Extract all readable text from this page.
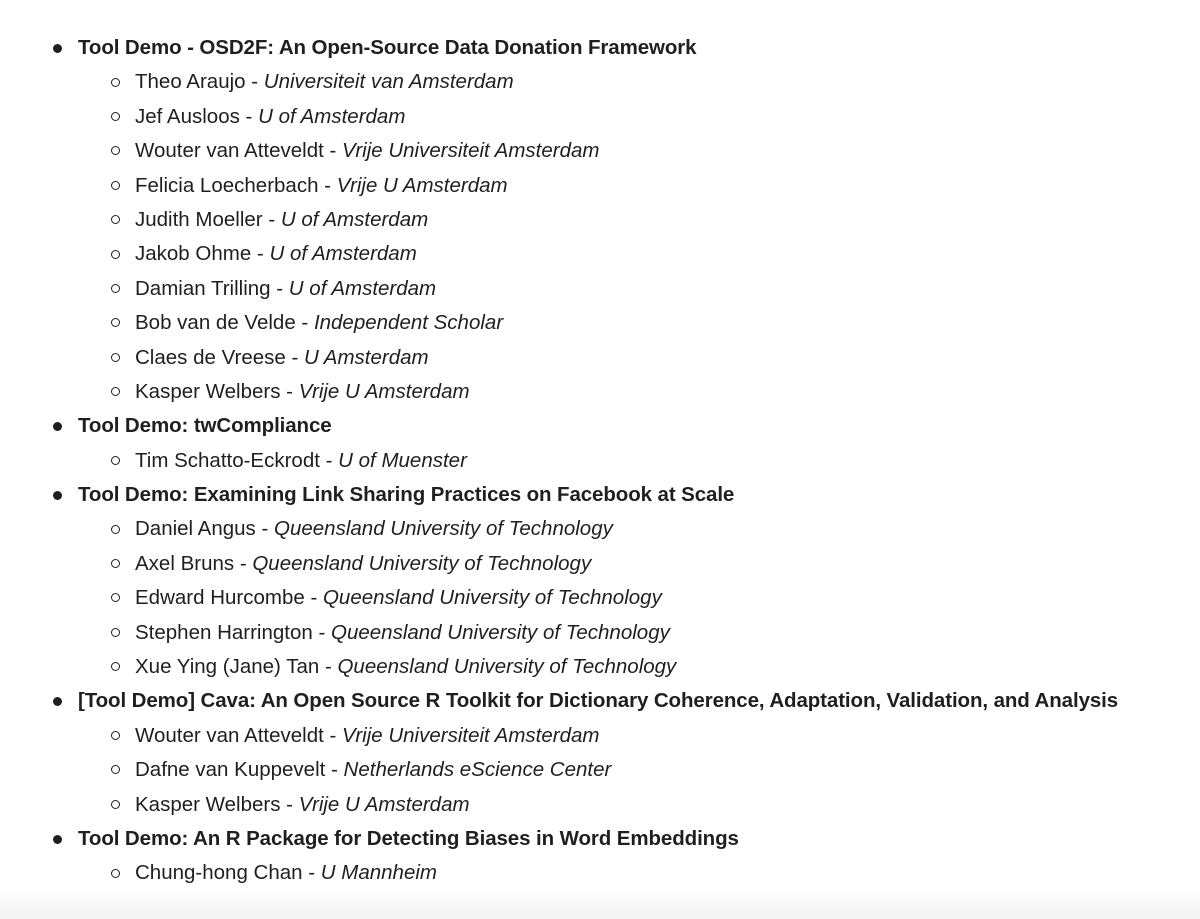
Tool Demo - OSD2F: An Open-Source Data Donation Framework
Theo Araujo - Universiteit van Amsterdam
Jef Ausloos - U of Amsterdam
Wouter van Atteveldt - Vrije Universiteit Amsterdam
Felicia Loecherbach - Vrije U Amsterdam
Judith Moeller - U of Amsterdam
Jakob Ohme - U of Amsterdam
Damian Trilling - U of Amsterdam
Bob van de Velde - Independent Scholar
Claes de Vreese - U Amsterdam
Kasper Welbers - Vrije U Amsterdam
Tool Demo: twCompliance
Tim Schatto-Eckrodt - U of Muenster
Tool Demo: Examining Link Sharing Practices on Facebook at Scale
Daniel Angus - Queensland University of Technology
Axel Bruns - Queensland University of Technology
Edward Hurcombe - Queensland University of Technology
Stephen Harrington - Queensland University of Technology
Xue Ying (Jane) Tan - Queensland University of Technology
[Tool Demo] Cava: An Open Source R Toolkit for Dictionary Coherence, Adaptation, Validation, and Analysis
Wouter van Atteveldt - Vrije Universiteit Amsterdam
Dafne van Kuppevelt - Netherlands eScience Center
Kasper Welbers - Vrije U Amsterdam
Tool Demo: An R Package for Detecting Biases in Word Embeddings
Chung-hong Chan - U Mannheim
